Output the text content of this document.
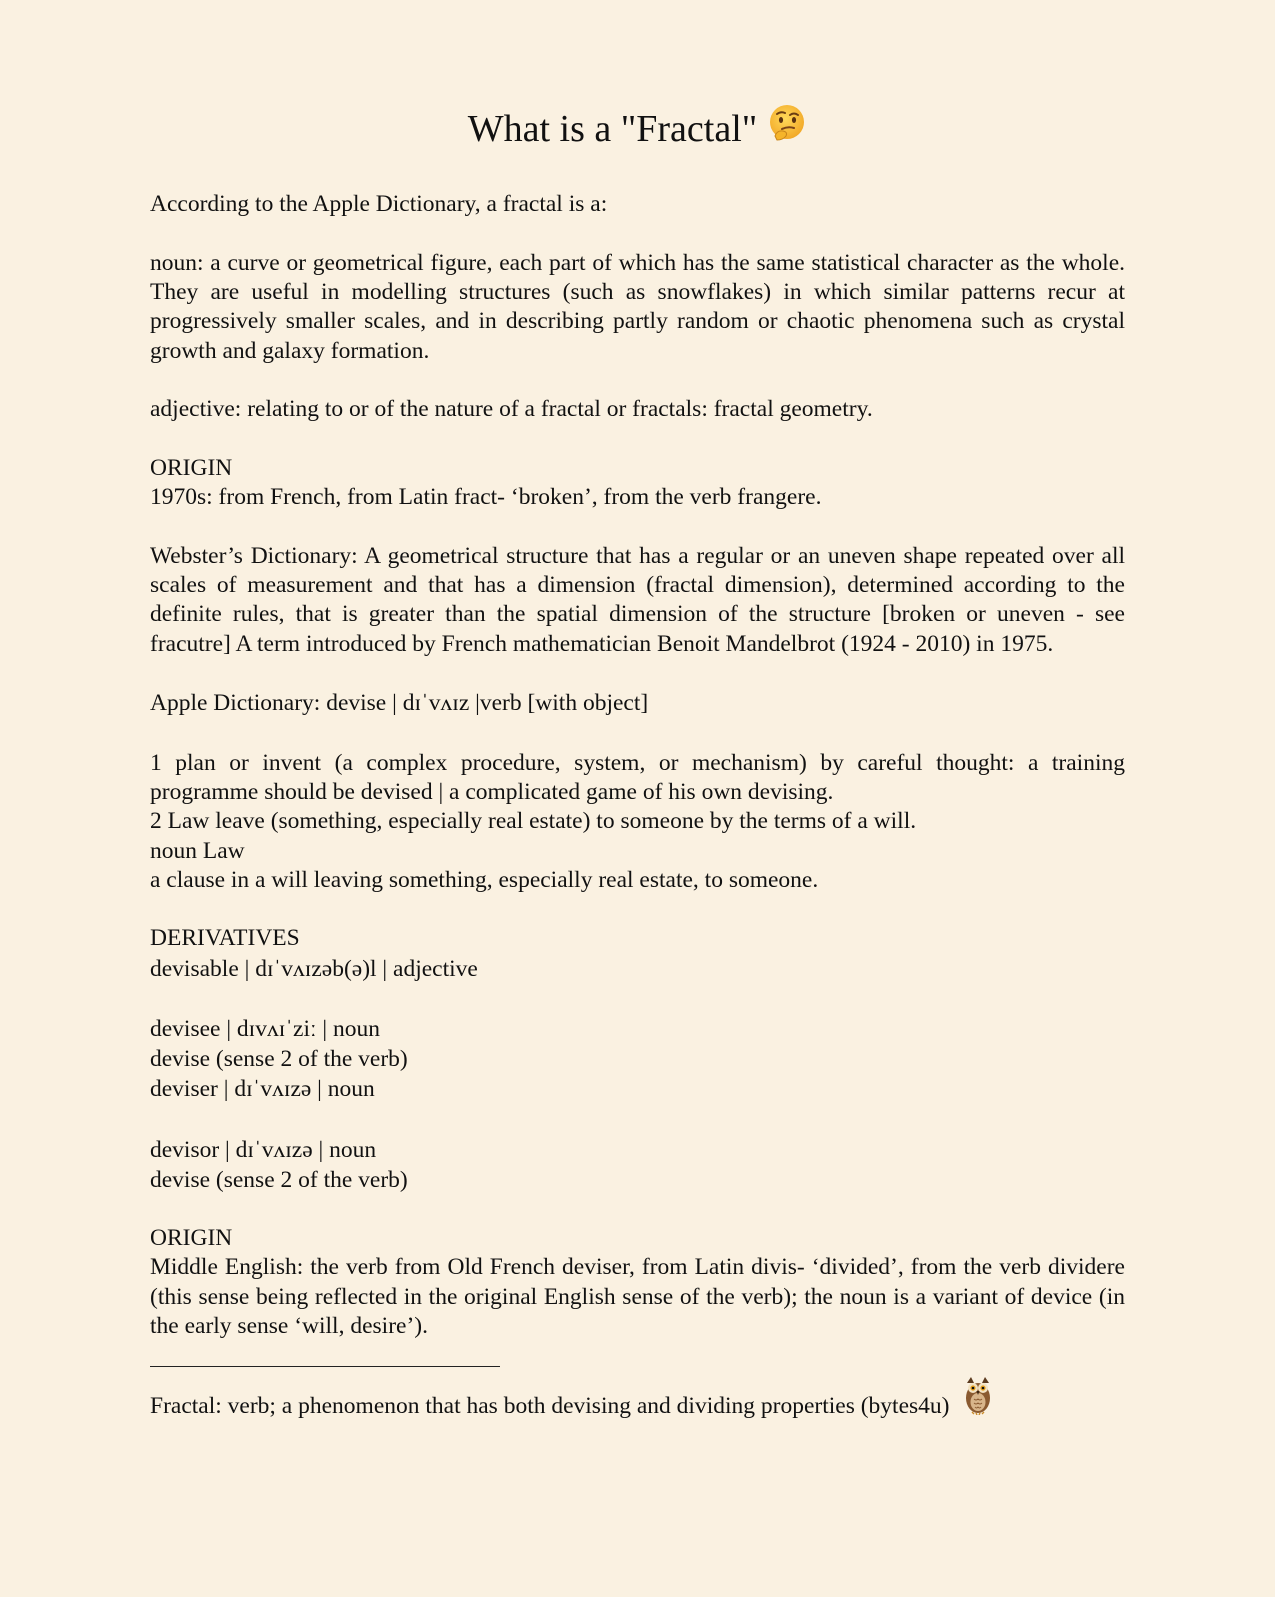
What is a "Fractal"

According to the Apple Dictionary, a fractal is a:

noun: a curve or geometrical figure, each part of which has the same statistical character as the whole. They are useful in modelling structures (such as snowflakes) in which similar patterns recur at progressively smaller scales, and in describing partly random or chaotic phenomena such as crystal growth and galaxy formation.

adjective: relating to or of the nature of a fractal or fractals: fractal geometry.

ORIGIN

1970s: from French, from Latin fract- ‘broken’, from the verb frangere.

Webster’s Dictionary: A geometrical structure that has a regular or an uneven shape repeated over all scales of measurement and that has a dimension (fractal dimension), determined according to the definite rules, that is greater than the spatial dimension of the structure [broken or uneven - see fracutre] A term introduced by French mathematician Benoit Mandelbrot (1924 - 2010) in 1975.

Apple Dictionary: devise | dɪˈvʌɪz |verb [with object]

1 plan or invent (a complex procedure, system, or mechanism) by careful thought: a training programme should be devised | a complicated game of his own devising.

2 Law leave (something, especially real estate) to someone by the terms of a will.

noun Law

a clause in a will leaving something, especially real estate, to someone.

DERIVATIVES

devisable | dɪˈvʌɪzəb(ə)l | adjective

devisee | dɪvʌɪˈziː | noun

devise (sense 2 of the verb)

deviser | dɪˈvʌɪzə | noun

devisor | dɪˈvʌɪzə | noun

devise (sense 2 of the verb)

ORIGIN

Middle English: the verb from Old French deviser, from Latin divis- ‘divided’, from the verb dividere (this sense being reflected in the original English sense of the verb); the noun is a variant of device (in the early sense ‘will, desire’).

Fractal: verb; a phenomenon that has both devising and dividing properties (bytes4u)
